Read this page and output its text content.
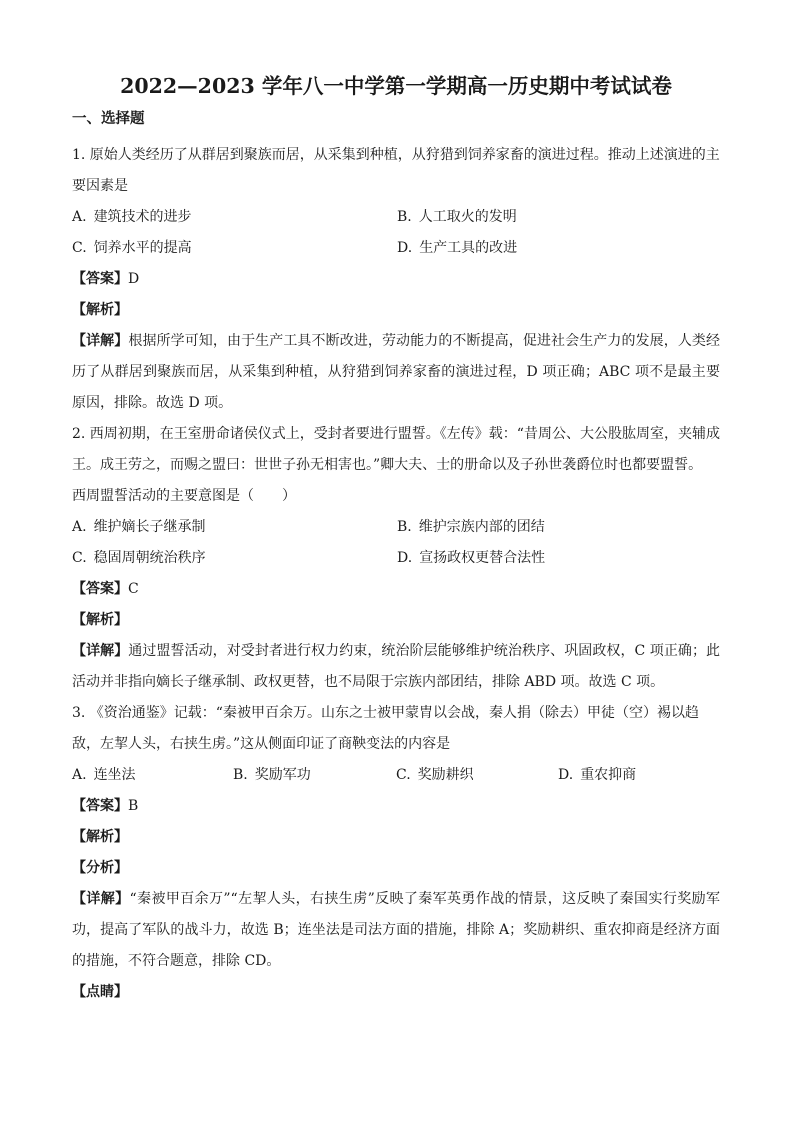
2022—2023 学年八一中学第一学期高一历史期中考试试卷
一、选择题

1. 原始人类经历了从群居到聚族而居，从采集到种植，从狩猎到饲养家畜的演进过程。推动上述演进的主

要因素是

A. 建筑技术的进步	B. 人工取火的发明
C. 饲养水平的提高	D. 生产工具的改进

【答案】D

【解析】

【详解】根据所学可知，由于生产工具不断改进，劳动能力的不断提高，促进社会生产力的发展，人类经历了从群居到聚族而居，从采集到种植，从狩猎到饲养家畜的演进过程，D 项正确；ABC 项不是最主要原因，排除。故选 D 项。

2. 西周初期，在王室册命诸侯仪式上，受封者要进行盟誓。《左传》载：“昔周公、大公股肱周室，夹辅成

王。成王劳之，而赐之盟曰：世世子孙无相害也。”卿大夫、士的册命以及子孙世袭爵位时也都要盟誓。

西周盟誓活动的主要意图是（　　）

A. 维护嫡长子继承制	B. 维护宗族内部的团结
C. 稳固周朝统治秩序	D. 宣扬政权更替合法性

【答案】C

【解析】

【详解】通过盟誓活动，对受封者进行权力约束，统治阶层能够维护统治秩序、巩固政权，C 项正确；此活动并非指向嫡长子继承制、政权更替，也不局限于宗族内部团结，排除 ABD 项。故选 C 项。

3. 《资治通鉴》记载：“秦被甲百余万。山东之士被甲蒙胄以会战，秦人捐（除去）甲徒（空）裼以趋

敌，左挈人头，右挟生虏。”这从侧面印证了商鞅变法的内容是

A. 连坐法	B. 奖励军功	C. 奖励耕织	D. 重农抑商

【答案】B

【解析】

【分析】

【详解】“秦被甲百余万”“左挈人头，右挟生虏”反映了秦军英勇作战的情景，这反映了秦国实行奖励军功，提高了军队的战斗力，故选 B；连坐法是司法方面的措施，排除 A；奖励耕织、重农抑商是经济方面的措施，不符合题意，排除 CD。

【点睛】
